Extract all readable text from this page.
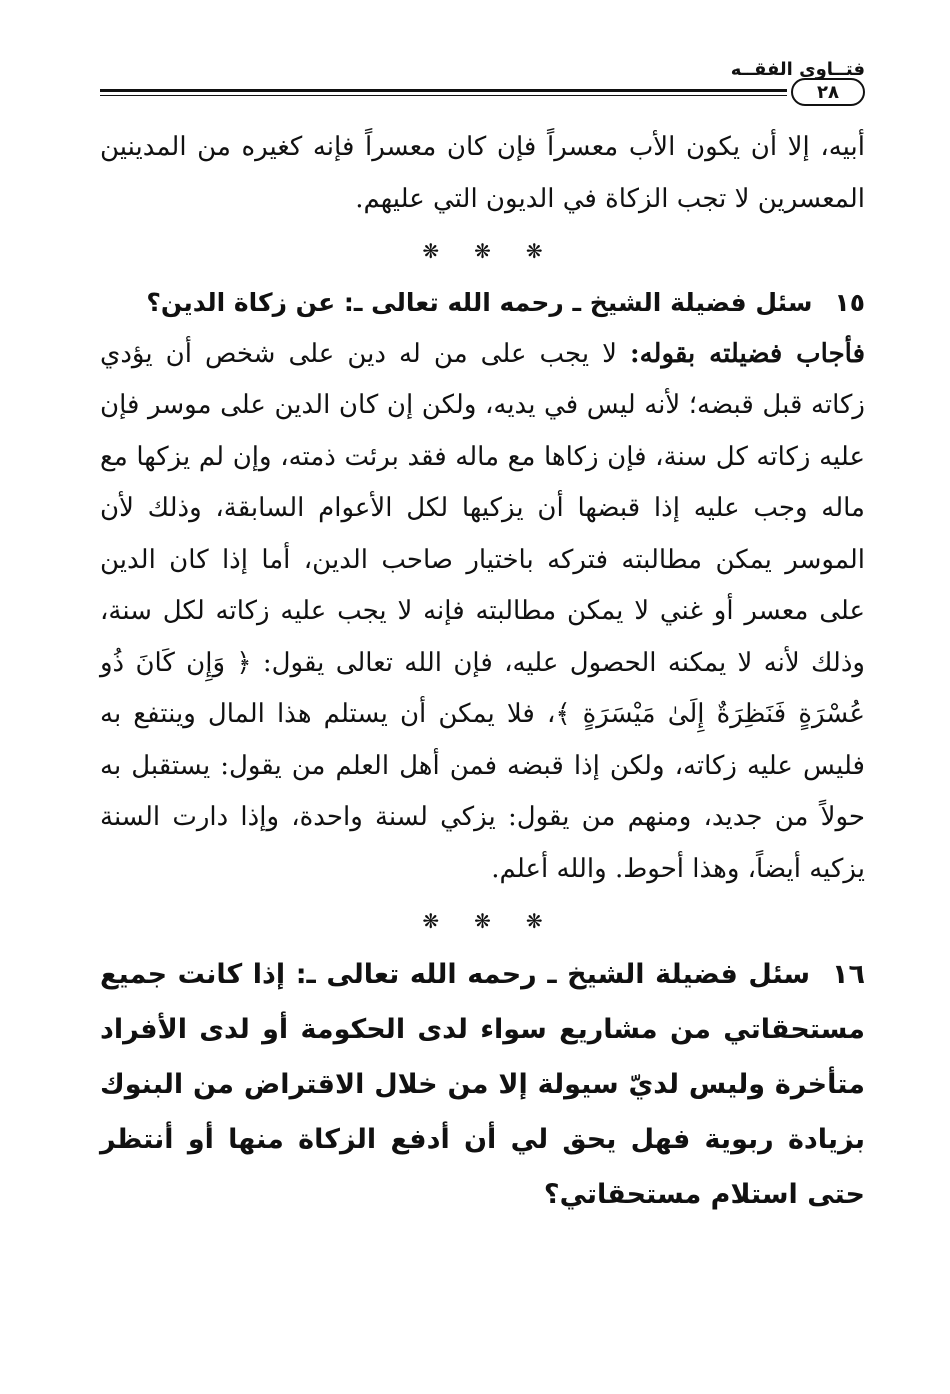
فتــاوى الفقــه
٢٨

أبيه، إلا أن يكون الأب معسراً فإن كان معسراً فإنه كغيره من المدينين المعسرين لا تجب الزكاة في الديون التي عليهم.

❋ ❋ ❋

١٥سئل فضيلة الشيخ ـ رحمه الله تعالى ـ: عن زكاة الدين؟

فأجاب فضيلته بقوله: لا يجب على من له دين على شخص أن يؤدي زكاته قبل قبضه؛ لأنه ليس في يديه، ولكن إن كان الدين على موسر فإن عليه زكاته كل سنة، فإن زكاها مع ماله فقد برئت ذمته، وإن لم يزكها مع ماله وجب عليه إذا قبضها أن يزكيها لكل الأعوام السابقة، وذلك لأن الموسر يمكن مطالبته فتركه باختيار صاحب الدين، أما إذا كان الدين على معسر أو غني لا يمكن مطالبته فإنه لا يجب عليه زكاته لكل سنة، وذلك لأنه لا يمكنه الحصول عليه، فإن الله تعالى يقول: ﴿ وَإِن كَانَ ذُو عُسْرَةٍ فَنَظِرَةٌ إِلَىٰ مَيْسَرَةٍ ﴾، فلا يمكن أن يستلم هذا المال وينتفع به فليس عليه زكاته، ولكن إذا قبضه فمن أهل العلم من يقول: يستقبل به حولاً من جديد، ومنهم من يقول: يزكي لسنة واحدة، وإذا دارت السنة يزكيه أيضاً، وهذا أحوط. والله أعلم.

❋ ❋ ❋

١٦سئل فضيلة الشيخ ـ رحمه الله تعالى ـ: إذا كانت جميع مستحقاتي من مشاريع سواء لدى الحكومة أو لدى الأفراد متأخرة وليس لديّ سيولة إلا من خلال الاقتراض من البنوك بزيادة ربوية فهل يحق لي أن أدفع الزكاة منها أو أنتظر حتى استلام مستحقاتي؟
